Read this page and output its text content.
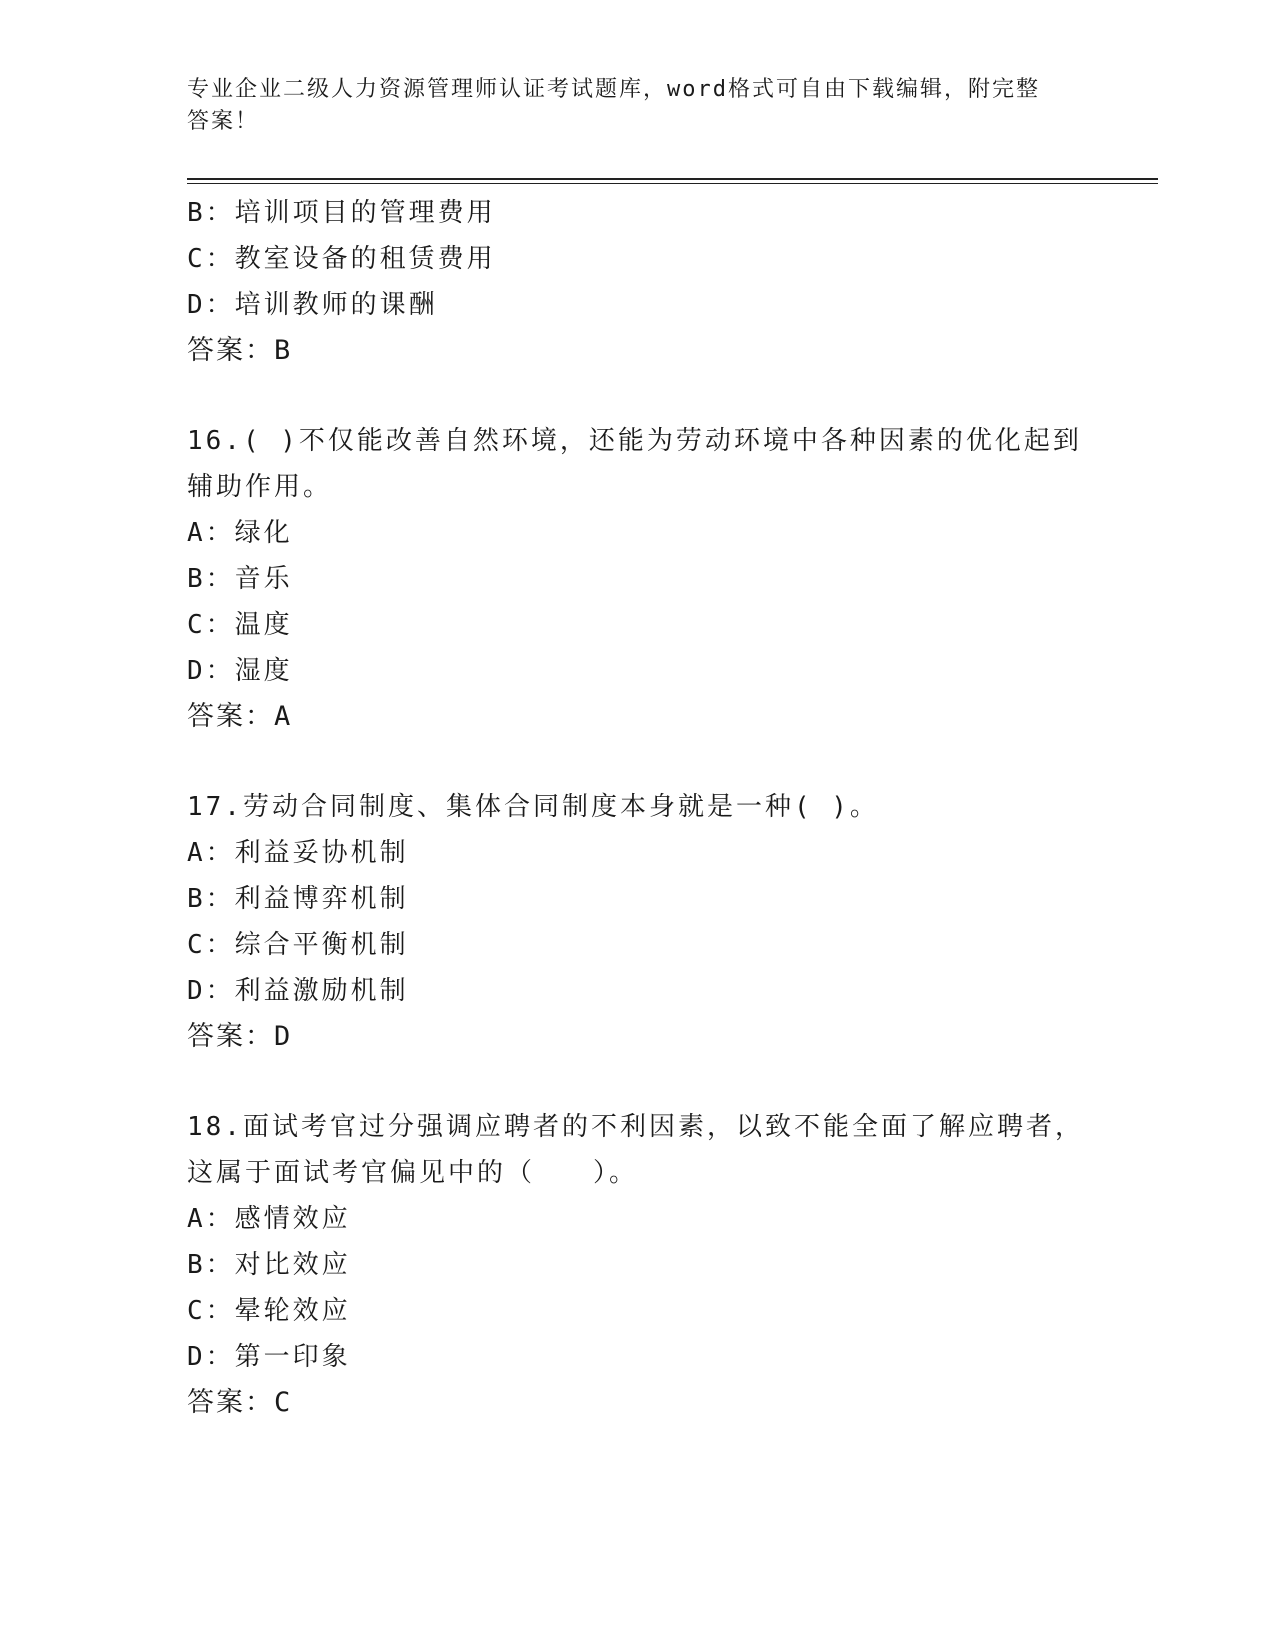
专业企业二级人力资源管理师认证考试题库，word格式可自由下载编辑，附完整
答案！
B：培训项目的管理费用
C：教室设备的租赁费用
D：培训教师的课酬
答案：B
16.( )不仅能改善自然环境，还能为劳动环境中各种因素的优化起到
辅助作用。
A：绿化
B：音乐
C：温度
D：湿度
答案：A
17.劳动合同制度、集体合同制度本身就是一种( )。
A：利益妥协机制
B：利益博弈机制
C：综合平衡机制
D：利益激励机制
答案：D
18.面试考官过分强调应聘者的不利因素，以致不能全面了解应聘者，
这属于面试考官偏见中的（　　）。
A：感情效应
B：对比效应
C：晕轮效应
D：第一印象
答案：C
